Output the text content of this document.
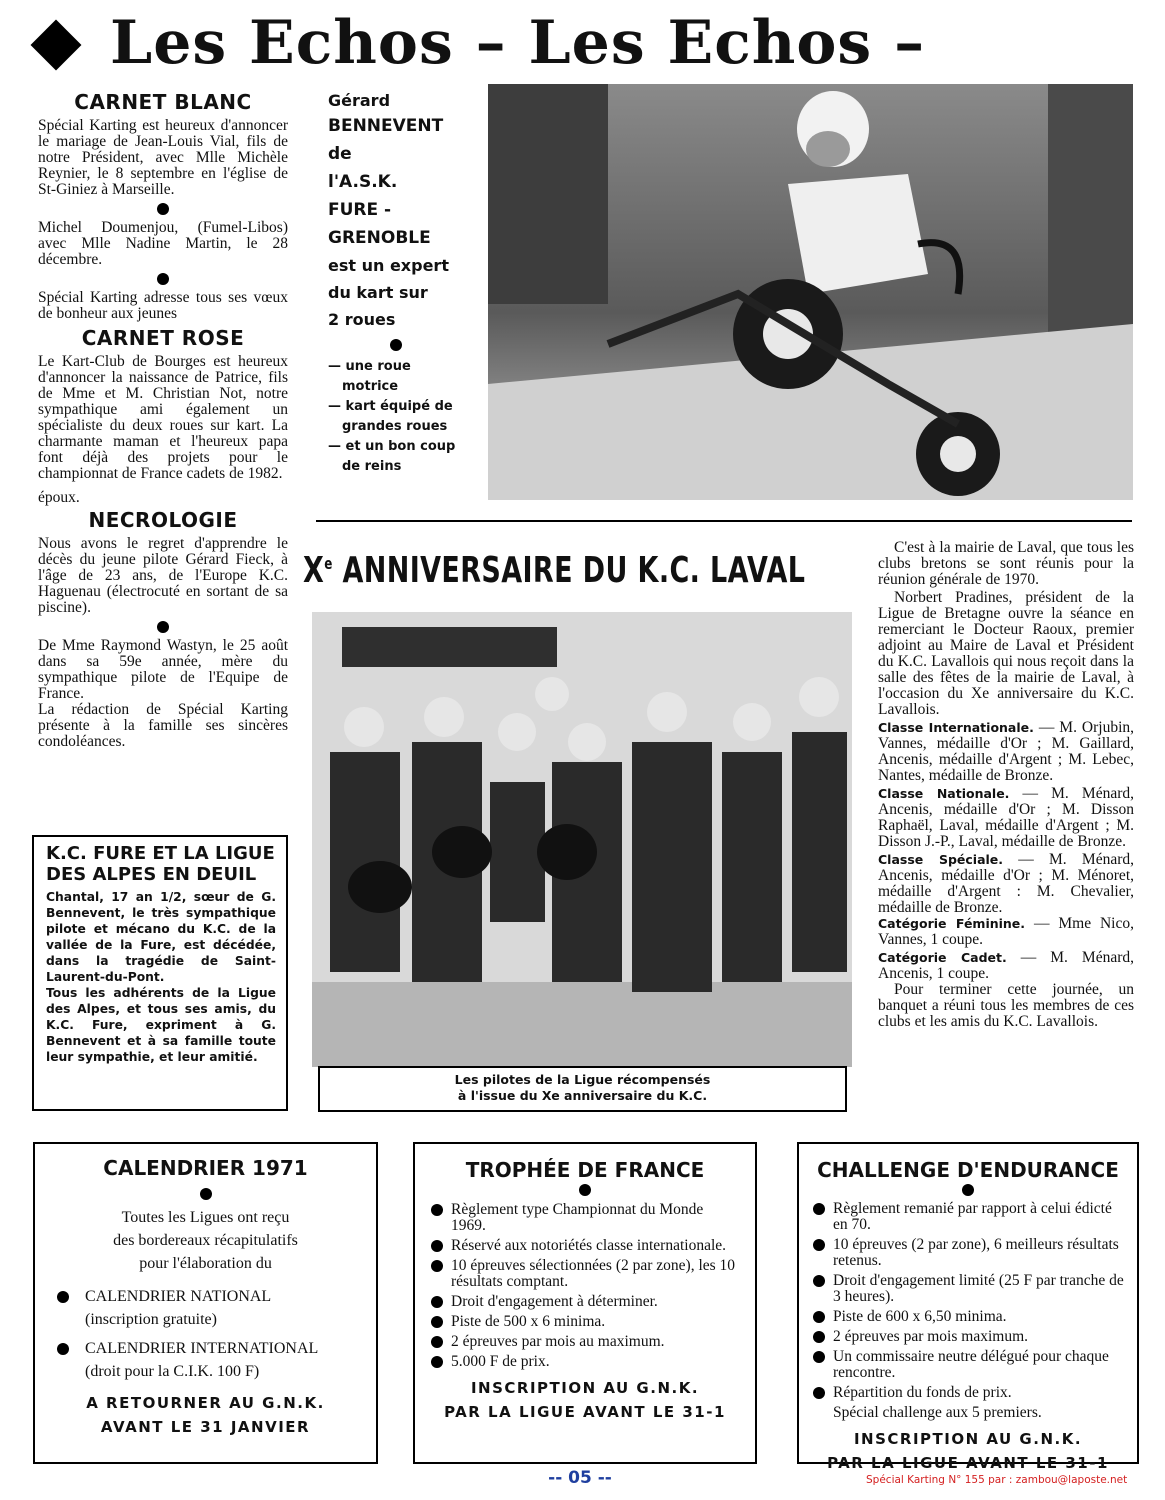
Les Echos – Les Echos –
CARNET BLANC
Spécial Karting est heureux d'annoncer le mariage de Jean-Louis Vial, fils de notre Président, avec Mlle Michèle Reynier, le 8 septembre en l'église de St-Giniez à Marseille.
Michel Doumenjou, (Fumel-Libos) avec Mlle Nadine Martin, le 28 décembre.
Spécial Karting adresse tous ses vœux de bonheur aux jeunes
CARNET ROSE
Le Kart-Club de Bourges est heureux d'annoncer la naissance de Patrice, fils de Mme et M. Christian Not, notre sympathique ami également un spécialiste du deux roues sur kart. La charmante maman et l'heureux papa font déjà des projets pour le championnat de France cadets de 1982.
époux.
NECROLOGIE
Nous avons le regret d'apprendre le décès du jeune pilote Gérard Fieck, à l'âge de 23 ans, de l'Europe K.C. Haguenau (électrocuté en sortant de sa piscine).
De Mme Raymond Wastyn, le 25 août dans sa 59e année, mère du sympathique pilote de l'Equipe de France.
La rédaction de Spécial Karting présente à la famille ses sincères condoléances.
K.C. FURE ET LA LIGUE DES ALPES EN DEUIL
Chantal, 17 an 1/2, sœur de G. Bennevent, le très sympathique pilote et mécano du K.C. de la vallée de la Fure, est décédée, dans la tragédie de Saint-Laurent-du-Pont.
Tous les adhérents de la Ligue des Alpes, et tous ses amis, du K.C. Fure, expriment à G. Bennevent et à sa famille toute leur sympathie, et leur amitié.
Gérard
BENNEVENT
de
l'A.S.K.
FURE -
GRENOBLE
est un expert
du kart sur
2 roues
— une roue
motrice
— kart équipé de
grandes roues
— et un bon coup
de reins
Xe ANNIVERSAIRE DU K.C. LAVAL
Les pilotes de la Ligue récompensés
à l'issue du Xe anniversaire du K.C.
C'est à la mairie de Laval, que tous les clubs bretons se sont réunis pour la réunion générale de 1970.
Norbert Pradines, président de la Ligue de Bretagne ouvre la séance en remerciant le Docteur Raoux, premier adjoint au Maire de Laval et Président du K.C. Lavallois qui nous reçoit dans la salle des fêtes de la mairie de Laval, à l'occasion du Xe anniversaire du K.C. Lavallois.
Classe Internationale. — M. Orjubin, Vannes, médaille d'Or ; M. Gaillard, Ancenis, médaille d'Argent ; M. Lebec, Nantes, médaille de Bronze.
Classe Nationale. — M. Ménard, Ancenis, médaille d'Or ; M. Disson Raphaël, Laval, médaille d'Argent ; M. Disson J.-P., Laval, médaille de Bronze.
Classe Spéciale. — M. Ménard, Ancenis, médaille d'Or ; M. Ménoret, médaille d'Argent : M. Chevalier, médaille de Bronze.
Catégorie Féminine. — Mme Nico, Vannes, 1 coupe.
Catégorie Cadet. — M. Ménard, Ancenis, 1 coupe.
Pour terminer cette journée, un banquet a réuni tous les membres de ces clubs et les amis du K.C. Lavallois.
CALENDRIER 1971
Toutes les Ligues ont reçu
des bordereaux récapitulatifs
pour l'élaboration du
CALENDRIER NATIONAL
(inscription gratuite)
CALENDRIER INTERNATIONAL
(droit pour la C.I.K. 100 F)
A RETOURNER AU G.N.K.
AVANT LE 31 JANVIER
TROPHÉE DE FRANCE
Règlement type Championnat du Monde 1969.
Réservé aux notoriétés classe internationale.
10 épreuves sélectionnées (2 par zone), les 10 résultats comptant.
Droit d'engagement à déterminer.
Piste de 500 x 6 minima.
2 épreuves par mois au maximum.
5.000 F de prix.
INSCRIPTION AU G.N.K.
PAR LA LIGUE AVANT LE 31-1
CHALLENGE D'ENDURANCE
Règlement remanié par rapport à celui édicté en 70.
10 épreuves (2 par zone), 6 meilleurs résultats retenus.
Droit d'engagement limité (25 F par tranche de 3 heures).
Piste de 600 x 6,50 minima.
2 épreuves par mois maximum.
Un commissaire neutre délégué pour chaque rencontre.
Répartition du fonds de prix.
Spécial challenge aux 5 premiers.
INSCRIPTION AU G.N.K.
PAR LA LIGUE AVANT LE 31-1
-- 05 --	Spécial Karting N° 155 par : zambou@laposte.net
